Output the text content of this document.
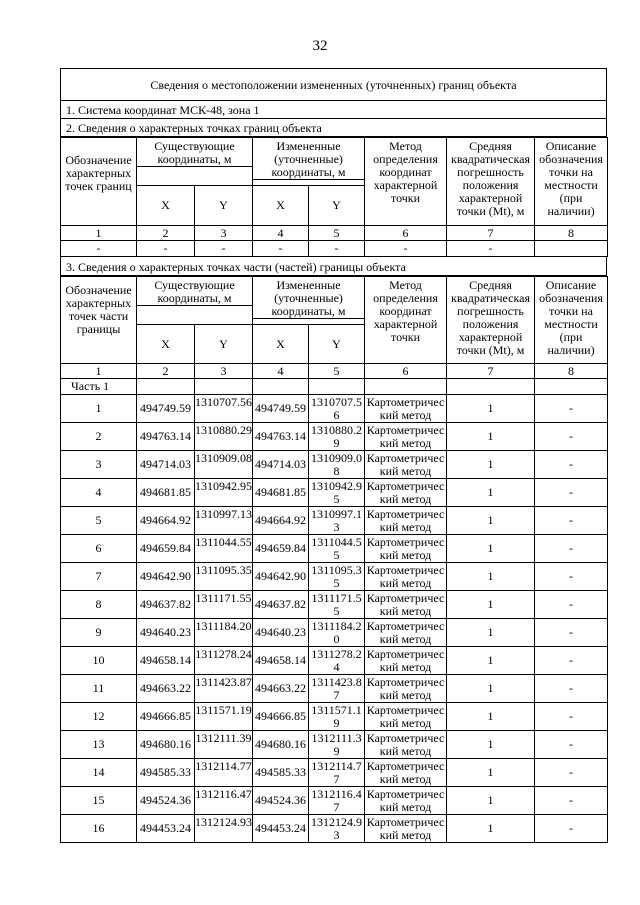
32
Сведения о местоположении измененных (уточненных) границ объекта
1. Система координат МСК-48, зона 1
2. Сведения о характерных точках границ объекта
Обозначение характерных точек границ	Существующие координаты, м		Измененные (уточненные) координаты, м		Метод определения координат характерной точки	Средняя квадратическая погрешность положения характерной точки (Mt), м	Описание обозначения точки на местности (при наличии)
	X	Y	X	Y			
1	2	3	4	5	6	7	8
-	-	-	-	-	-	-	
3. Сведения о характерных точках части (частей) границы объекта
Обозначение характерных точек части границы	Существующие координаты, м		Измененные (уточненные) координаты, м		Метод определения координат характерной точки	Средняя квадратическая погрешность положения характерной точки (Mt), м	Описание обозначения точки на местности (при наличии)
	X	Y	X	Y			
1	2	3	4	5	6	7	8
Часть 1							
1	494749.59	1310707.56	494749.59	1310707.56	Картометрический метод	1	-
2	494763.14	1310880.29	494763.14	1310880.29	Картометрический метод	1	-
3	494714.03	1310909.08	494714.03	1310909.08	Картометрический метод	1	-
4	494681.85	1310942.95	494681.85	1310942.95	Картометрический метод	1	-
5	494664.92	1310997.13	494664.92	1310997.13	Картометрический метод	1	-
6	494659.84	1311044.55	494659.84	1311044.55	Картометрический метод	1	-
7	494642.90	1311095.35	494642.90	1311095.35	Картометрический метод	1	-
8	494637.82	1311171.55	494637.82	1311171.55	Картометрический метод	1	-
9	494640.23	1311184.20	494640.23	1311184.20	Картометрический метод	1	-
10	494658.14	1311278.24	494658.14	1311278.24	Картометрический метод	1	-
11	494663.22	1311423.87	494663.22	1311423.87	Картометрический метод	1	-
12	494666.85	1311571.19	494666.85	1311571.19	Картометрический метод	1	-
13	494680.16	1312111.39	494680.16	1312111.39	Картометрический метод	1	-
14	494585.33	1312114.77	494585.33	1312114.77	Картометрический метод	1	-
15	494524.36	1312116.47	494524.36	1312116.47	Картометрический метод	1	-
16	494453.24	1312124.93	494453.24	1312124.93	Картометрический метод	1	-
